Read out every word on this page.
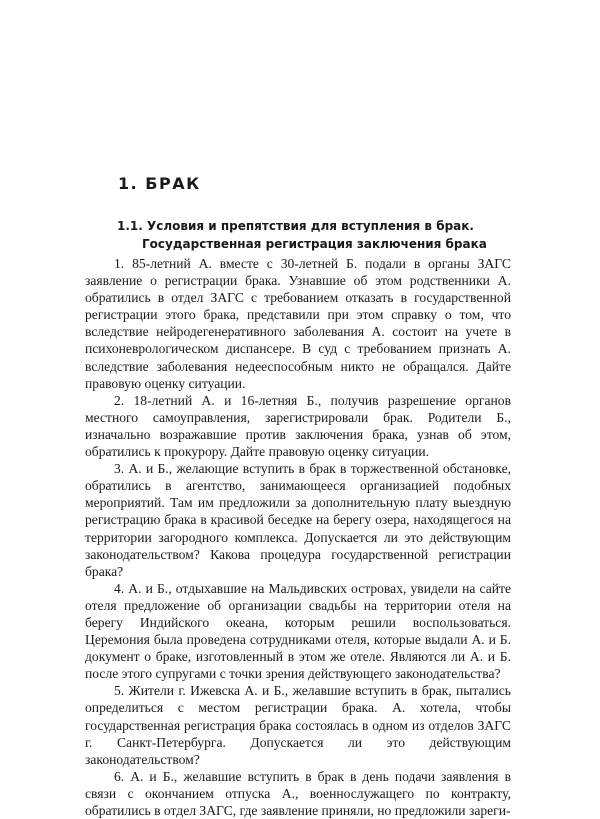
1. БРАК
1.1. Условия и препятствия для вступления в брак.
Государственная регистрация заключения брака

1. 85-летний А. вместе с 30-летней Б. подали в органы ЗАГС заявление о регистрации брака. Узнавшие об этом родственники А. обратились в отдел ЗАГС с требованием отказать в государственной регистрации этого брака, представили при этом справку о том, что вследствие нейродегенеративного заболевания А. состоит на учете в психоневрологическом диспансере. В суд с требованием признать А. вследствие заболевания недееспособным никто не обращался. Дайте правовую оценку ситуации.

2. 18-летний А. и 16-летняя Б., получив разрешение органов местного самоуправления, зарегистрировали брак. Родители Б., изначально возражавшие против заключения брака, узнав об этом, обратились к прокурору. Дайте правовую оценку ситуации.

3. А. и Б., желающие вступить в брак в торжественной обстановке, обратились в агентство, занимающееся организацией подобных мероприятий. Там им предложили за дополнительную плату выездную регистрацию брака в красивой беседке на берегу озера, находящегося на территории загородного комплекса. Допускается ли это действующим законодательством? Какова процедура государственной регистрации брака?

4. А. и Б., отдыхавшие на Мальдивских островах, увидели на сайте отеля предложение об организации свадьбы на территории отеля на берегу Индийского океана, которым решили воспользоваться. Церемония была проведена сотрудниками отеля, которые выдали А. и Б. документ о браке, изготовленный в этом же отеле. Являются ли А. и Б. после этого супругами с точки зрения действующего законодательства?

5. Жители г. Ижевска А. и Б., желавшие вступить в брак, пытались определиться с местом регистрации брака. А. хотела, чтобы государственная регистрация брака состоялась в одном из отделов ЗАГС г. Санкт-Петербурга. Допускается ли это действующим законодательством?

6. А. и Б., желавшие вступить в брак в день подачи заявления в связи с окончанием отпуска А., военнослужащего по контракту, обратились в отдел ЗАГС, где заявление приняли, но предложили зареги-
